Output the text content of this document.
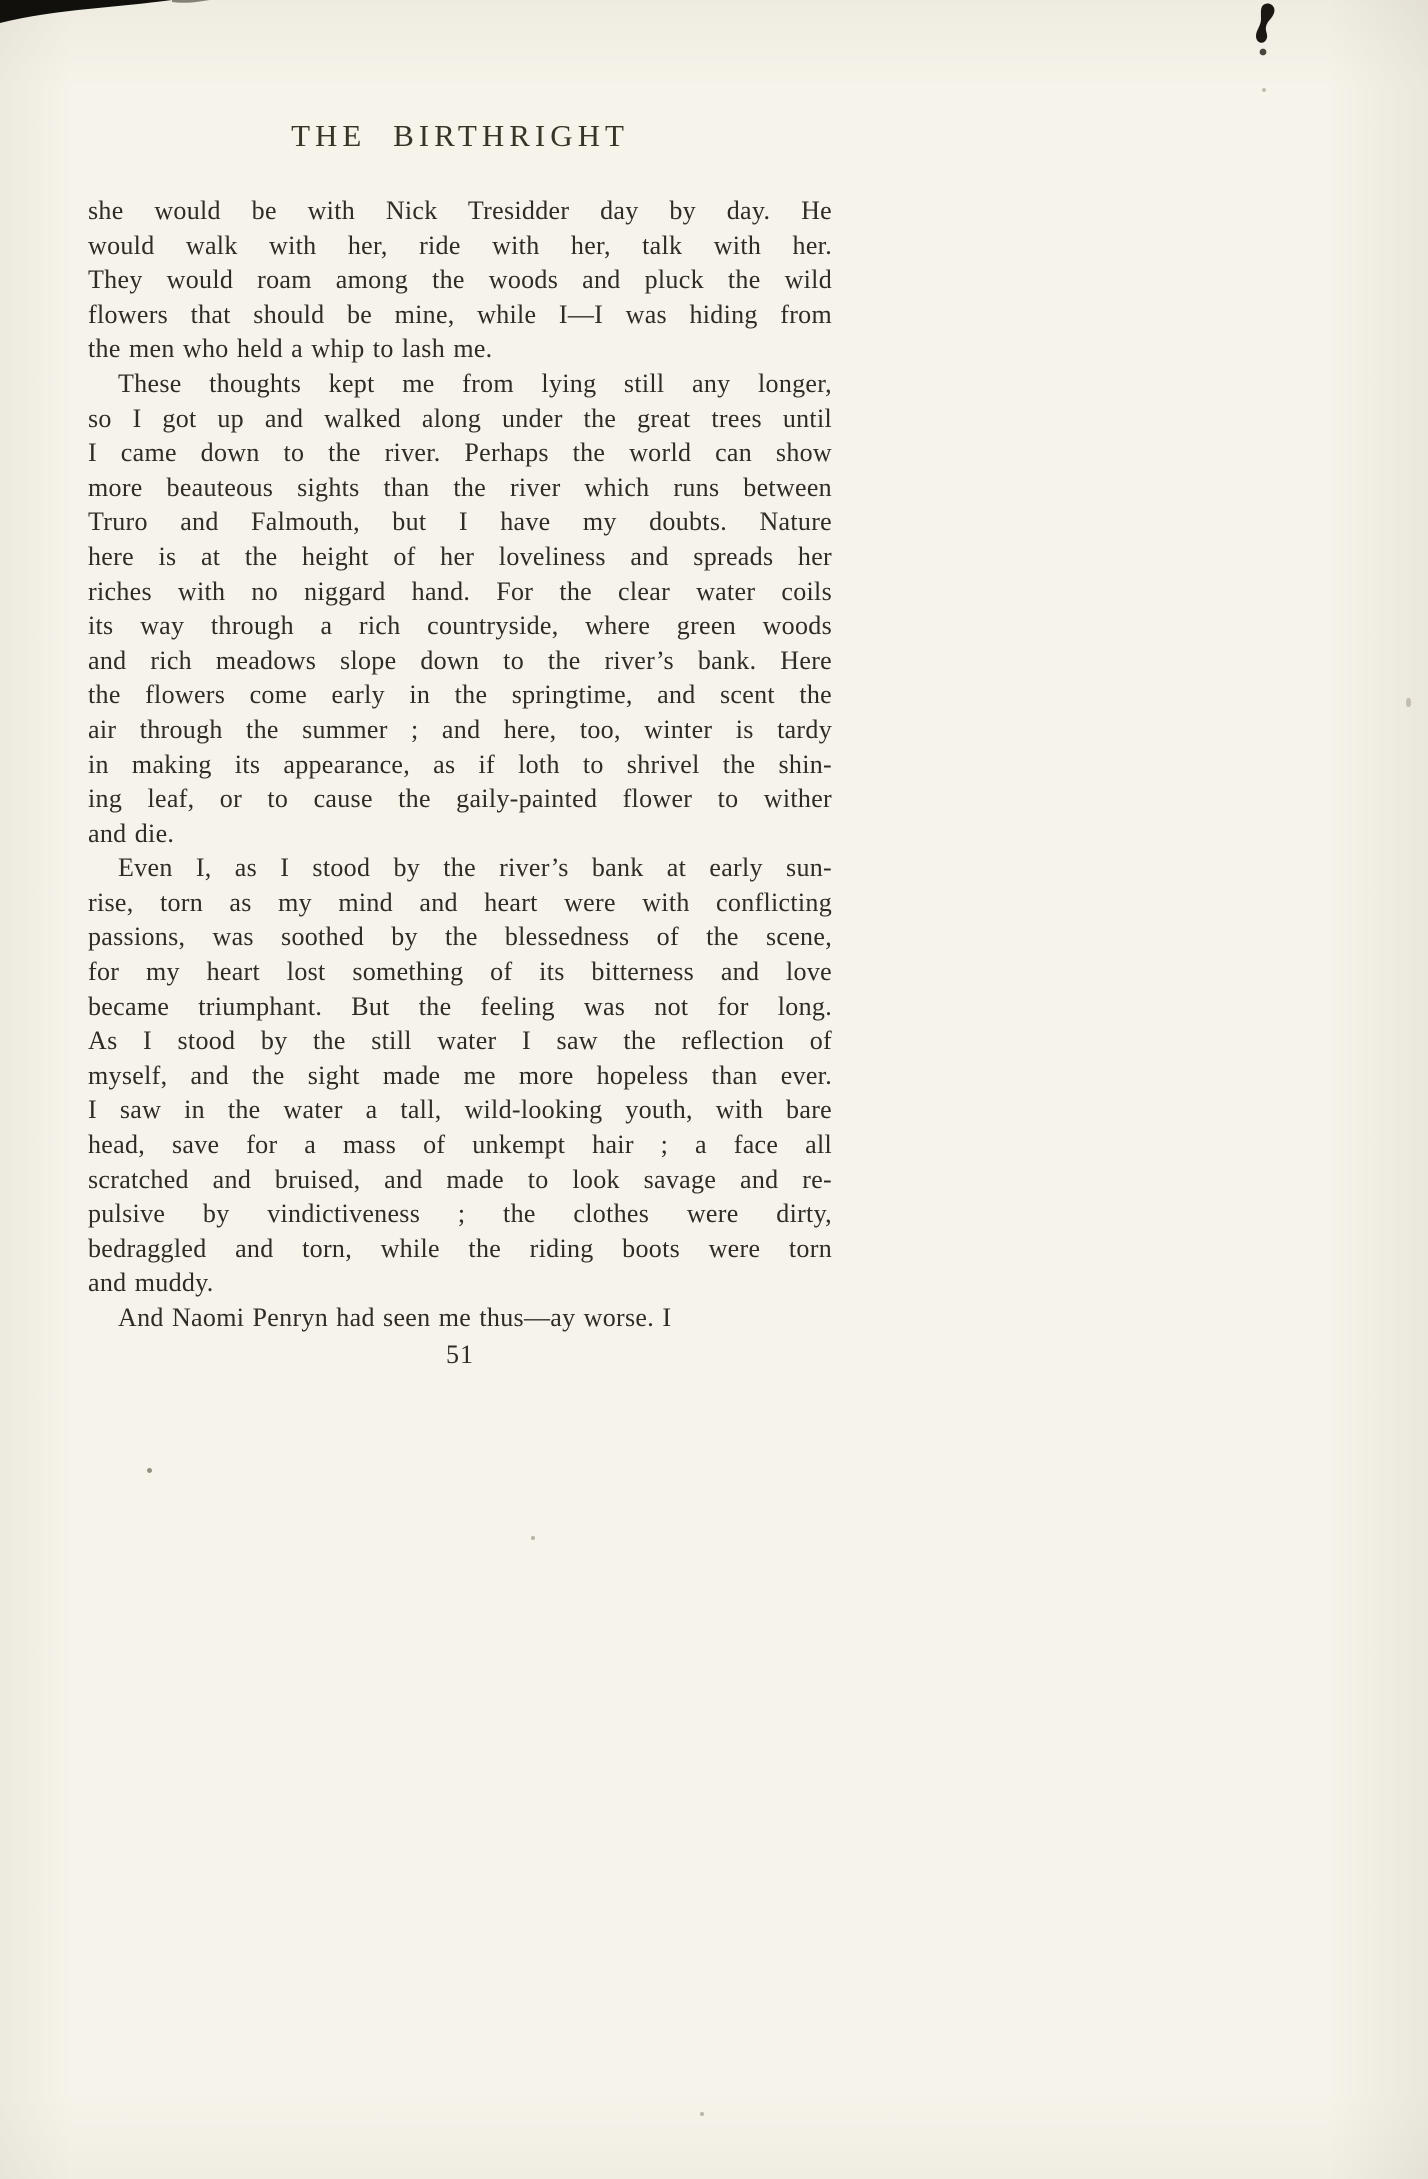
THE BIRTHRIGHT
she would be with Nick Tresidder day by day. He
would walk with her, ride with her, talk with her.
They would roam among the woods and pluck the wild
flowers that should be mine, while I—I was hiding from
the men who held a whip to lash me.
These thoughts kept me from lying still any longer,
so I got up and walked along under the great trees until
I came down to the river. Perhaps the world can show
more beauteous sights than the river which runs between
Truro and Falmouth, but I have my doubts. Nature
here is at the height of her loveliness and spreads her
riches with no niggard hand. For the clear water coils
its way through a rich countryside, where green woods
and rich meadows slope down to the river’s bank. Here
the flowers come early in the springtime, and scent the
air through the summer ; and here, too, winter is tardy
in making its appearance, as if loth to shrivel the shin-
ing leaf, or to cause the gaily-painted flower to wither
and die.
Even I, as I stood by the river’s bank at early sun-
rise, torn as my mind and heart were with conflicting
passions, was soothed by the blessedness of the scene,
for my heart lost something of its bitterness and love
became triumphant. But the feeling was not for long.
As I stood by the still water I saw the reflection of
myself, and the sight made me more hopeless than ever.
I saw in the water a tall, wild-looking youth, with bare
head, save for a mass of unkempt hair ; a face all
scratched and bruised, and made to look savage and re-
pulsive by vindictiveness ; the clothes were dirty,
bedraggled and torn, while the riding boots were torn
and muddy.
And Naomi Penryn had seen me thus—ay worse. I
51
